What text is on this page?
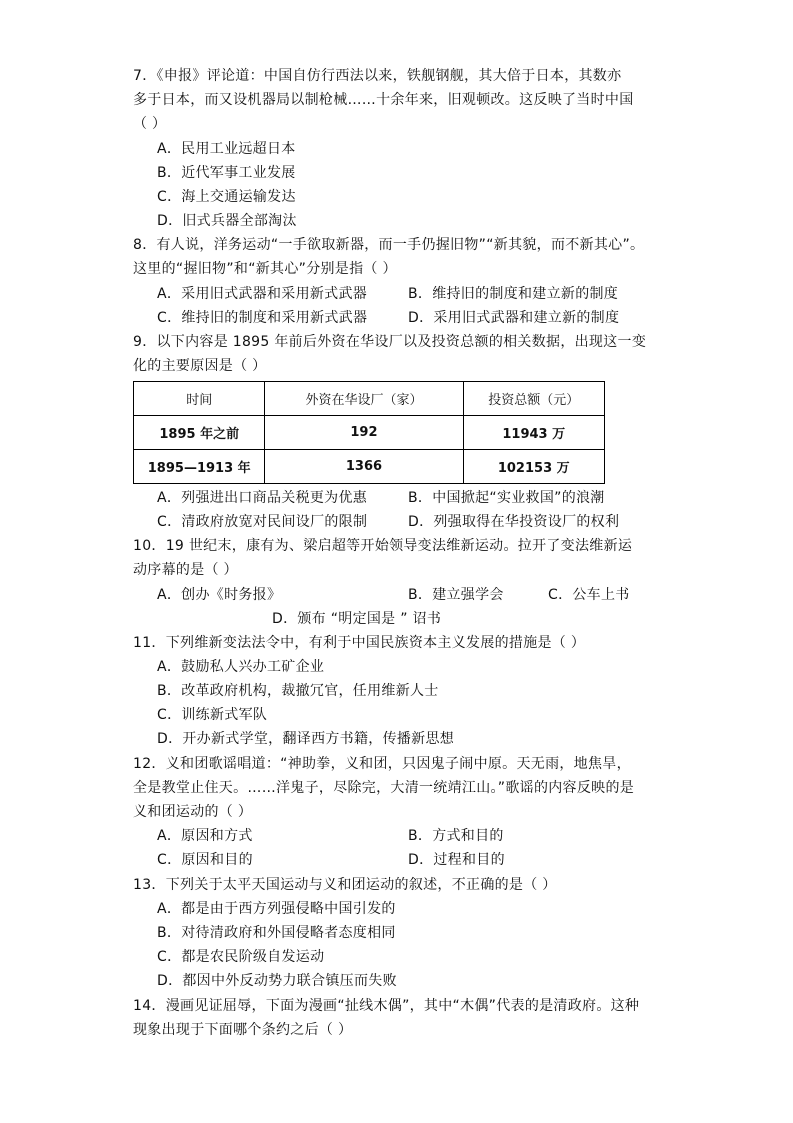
7．《申报》评论道：中国自仿行西法以来，铁舰钢舰，其大倍于日本，其数亦
多于日本，而又设机器局以制枪械……十余年来，旧观顿改。这反映了当时中国
（ ）
A．民用工业远超日本
B．近代军事工业发展
C．海上交通运输发达
D．旧式兵器全部淘汰
8．有人说，洋务运动“一手欲取新器，而一手仍握旧物”“新其貌，而不新其心”。
这里的“握旧物”和“新其心”分别是指（ ）
A．采用旧式武器和采用新式武器	B．维持旧的制度和建立新的制度
C．维持旧的制度和采用新式武器	D．采用旧式武器和建立新的制度
9．以下内容是 1895 年前后外资在华设厂以及投资总额的相关数据，出现这一变
化的主要原因是（ ）
时间	外资在华设厂（家）	投资总额（元）
1895 年之前	192	11943 万
1895—1913 年	1366	102153 万
A．列强进出口商品关税更为优惠	B．中国掀起“实业救国”的浪潮
C．清政府放宽对民间设厂的限制	D．列强取得在华投资设厂的权利
10．19 世纪末，康有为、梁启超等开始领导变法维新运动。拉开了变法维新运
动序幕的是（ ）
A．创办《时务报》	B．建立强学会	C．公车上书
D．颁布 “明定国是 ” 诏书
11．下列维新变法法令中，有利于中国民族资本主义发展的措施是（ ）
A．鼓励私人兴办工矿企业
B．改革政府机构，裁撤冗官，任用维新人士
C．训练新式军队
D．开办新式学堂，翻译西方书籍，传播新思想
12．义和团歌谣唱道：“神助拳，义和团，只因鬼子闹中原。天无雨，地焦旱，
全是教堂止住天。……洋鬼子，尽除完，大清一统靖江山。”歌谣的内容反映的是
义和团运动的（ ）
A．原因和方式	B．方式和目的
C．原因和目的	D．过程和目的
13．下列关于太平天国运动与义和团运动的叙述，不正确的是（ ）
A．都是由于西方列强侵略中国引发的
B．对待清政府和外国侵略者态度相同
C．都是农民阶级自发运动
D．都因中外反动势力联合镇压而失败
14．漫画见证屈辱，下面为漫画“扯线木偶”，其中“木偶”代表的是清政府。这种
现象出现于下面哪个条约之后（ ）
